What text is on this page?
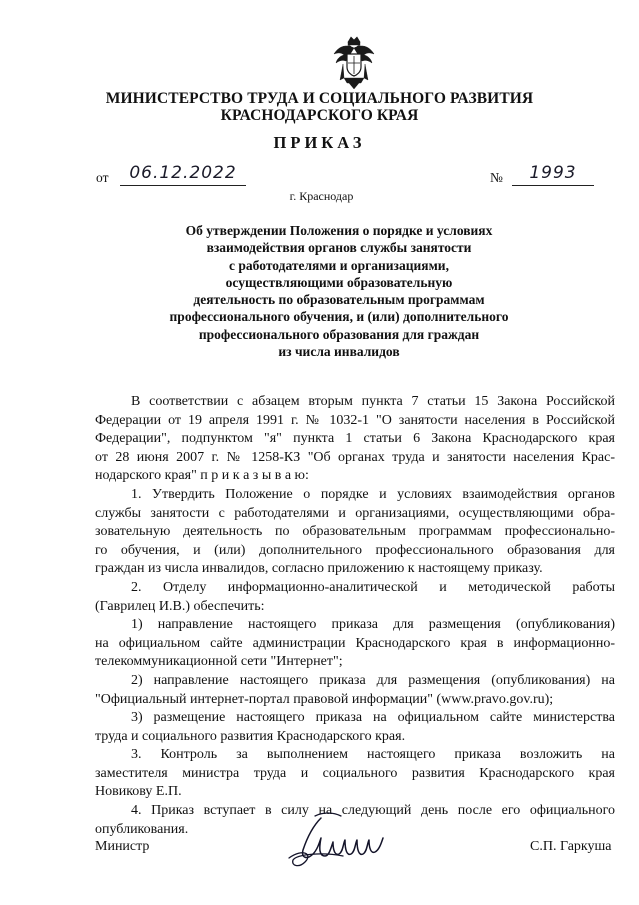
МИНИСТЕРСТВО ТРУДА И СОЦИАЛЬНОГО РАЗВИТИЯ
КРАСНОДАРСКОГО КРАЯ
ПРИКАЗ
от	06.12.2022	№	1993
г. Краснодар
Об утверждении Положения о порядке и условиях
взаимодействия органов службы занятости
с работодателями и организациями,
осуществляющими образовательную
деятельность по образовательным программам
профессионального обучения, и (или) дополнительного
профессионального образования для граждан
из числа инвалидов
В соответствии с абзацем вторым пункта 7 статьи 15 Закона Российской
Федерации от 19 апреля 1991 г. № 1032-1 "О занятости населения в Российской
Федерации", подпунктом "я" пункта 1 статьи 6 Закона Краснодарского края
от 28 июня 2007 г. № 1258-КЗ "Об органах труда и занятости населения Крас-
нодарского края" п р и к а з ы в а ю:
1. Утвердить Положение о порядке и условиях взаимодействия органов
службы занятости с работодателями и организациями, осуществляющими обра-
зовательную деятельность по образовательным программам профессионально-
го обучения, и (или) дополнительного профессионального образования для
граждан из числа инвалидов, согласно приложению к настоящему приказу.
2. Отделу информационно-аналитической и методической работы
(Гаврилец И.В.) обеспечить:
1) направление настоящего приказа для размещения (опубликования)
на официальном сайте администрации Краснодарского края в информационно-
телекоммуникационной сети "Интернет";
2) направление настоящего приказа для размещения (опубликования) на
"Официальный интернет-портал правовой информации" (www.pravo.gov.ru);
3) размещение настоящего приказа на официальном сайте министерства
труда и социального развития Краснодарского края.
3. Контроль за выполнением настоящего приказа возложить на
заместителя министра труда и социального развития Краснодарского края
Новикову Е.П.
4. Приказ вступает в силу на следующий день после его официального
опубликования.
Министр	С.П. Гаркуша
